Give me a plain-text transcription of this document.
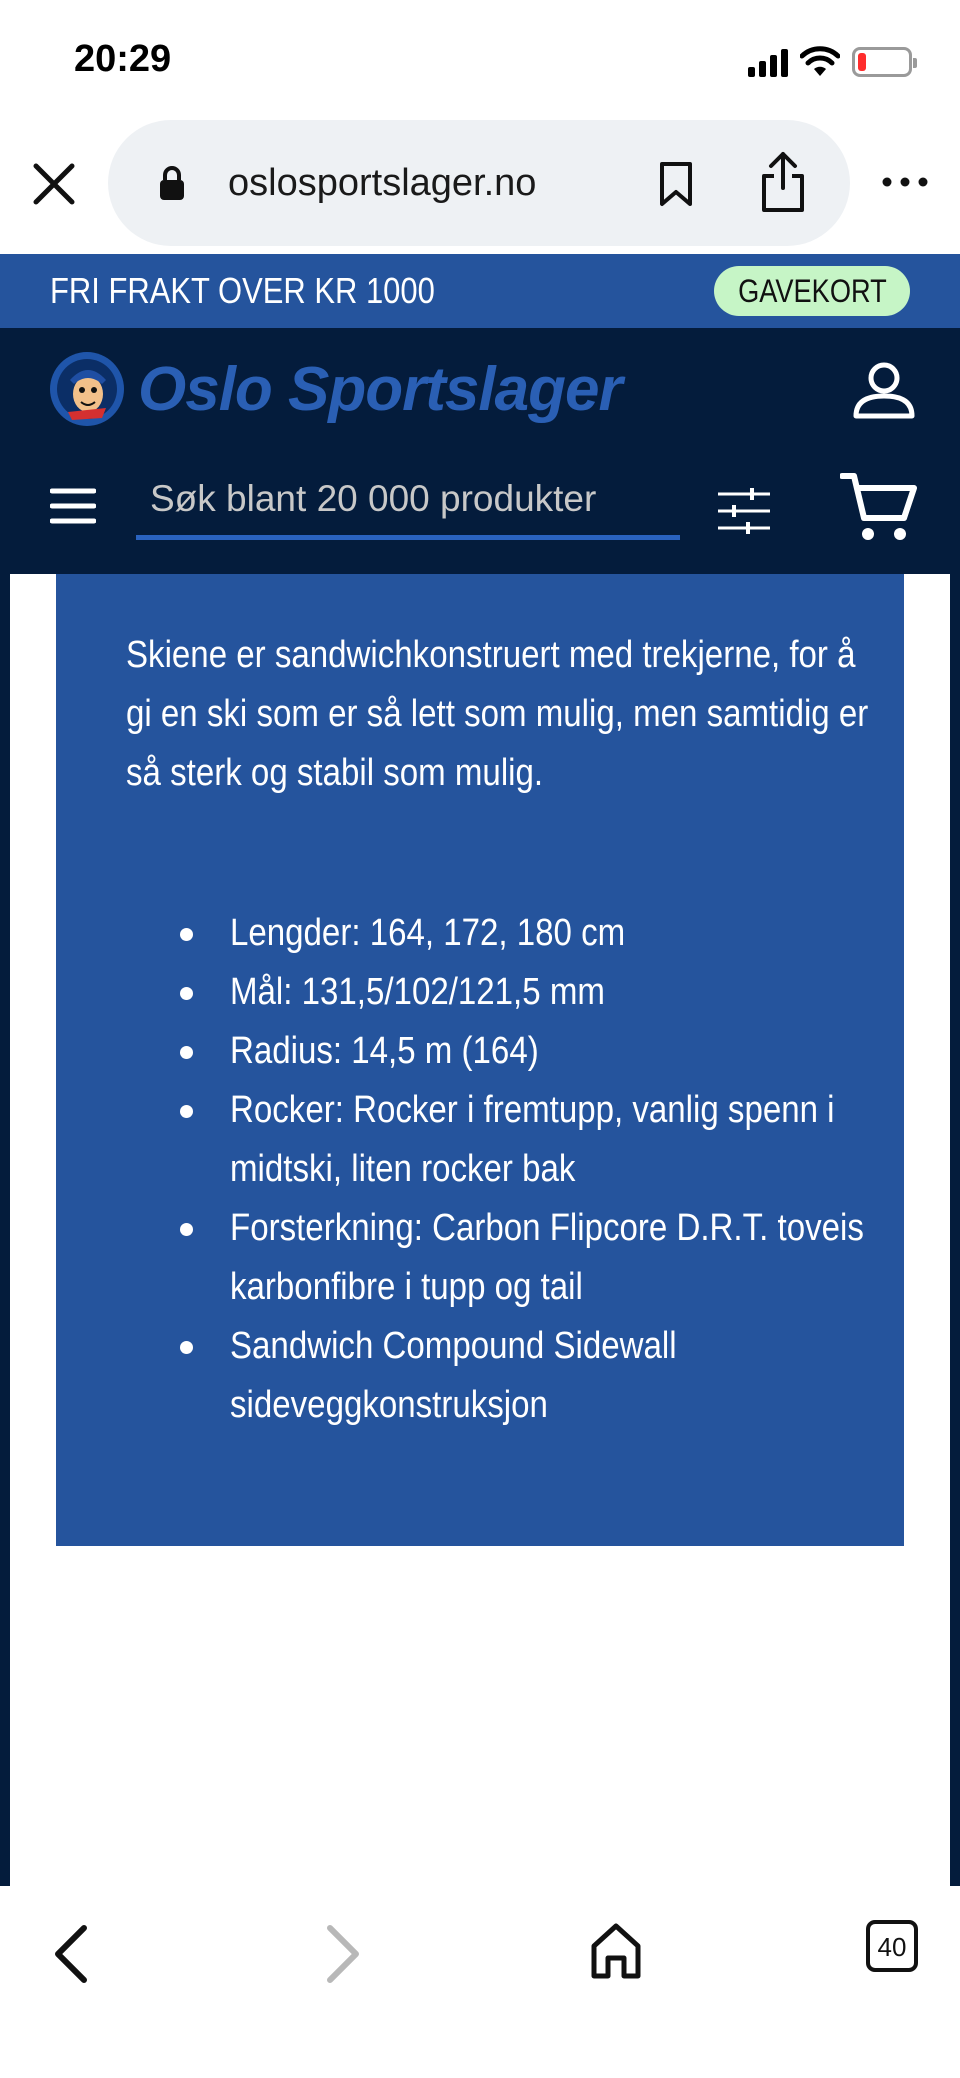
20:29
oslosportslager.no
FRI FRAKT OVER KR 1000	GAVEKORT
Oslo Sportslager
Søk blant 20 000 produkter

Skiene er sandwichkonstruert med trekjerne, for å gi en ski som er så lett som mulig, men samtidig er så sterk og stabil som mulig.

Lengder: 164, 172, 180 cm
Mål: 131,5/102/121,5 mm
Radius: 14,5 m (164)
Rocker: Rocker i fremtupp, vanlig spenn i midtski, liten rocker bak
Forsterkning: Carbon Flipcore D.R.T. toveis karbonfibre i tupp og tail
Sandwich Compound Sidewall sideveggkonstruksjon
40
